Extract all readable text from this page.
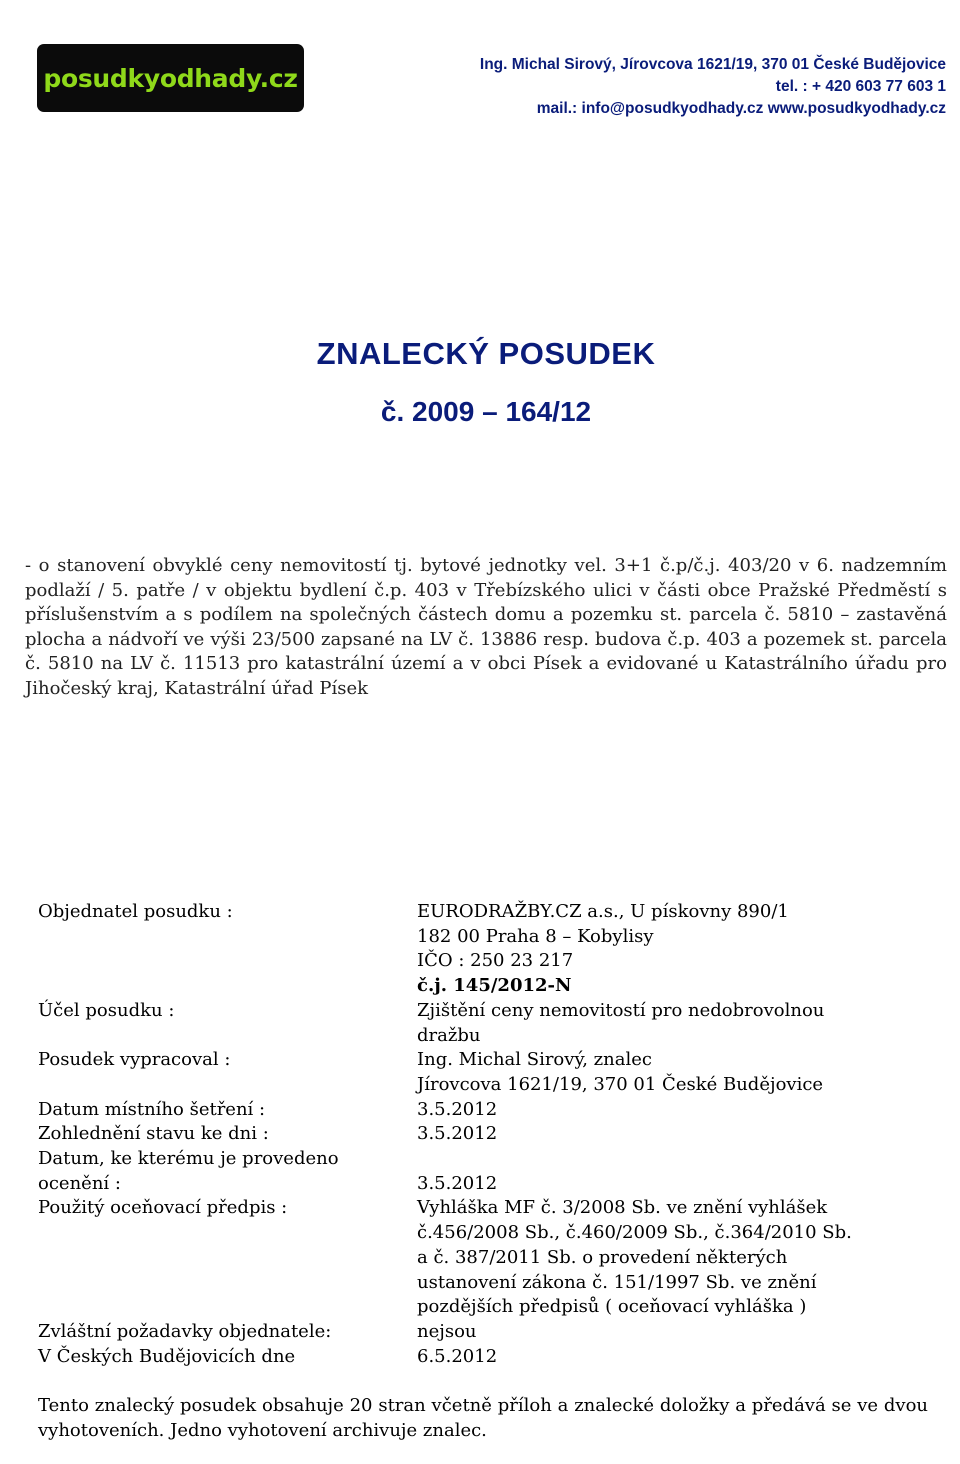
posudkyodhady.cz	Ing. Michal Sirový, Jírovcova 1621/19, 370 01 České Budějovice
tel. : + 420 603 77 603 1
mail.: info@posudkyodhady.cz www.posudkyodhady.cz
ZNALECKÝ POSUDEK
č. 2009 – 164/12
- o stanovení obvyklé ceny nemovitostí tj. bytové jednotky vel. 3+1 č.p/č.j. 403/20 v 6. nadzemním podlaží / 5. patře / v objektu bydlení č.p. 403 v Třebízského ulici v části obce Pražské Předměstí s příslušenstvím a s podílem na společných částech domu a pozemku st. parcela č. 5810 – zastavěná plocha a nádvoří ve výši 23/500 zapsané na LV č. 13886 resp. budova č.p. 403 a pozemek st. parcela č. 5810 na LV č. 11513 pro katastrální území a v obci Písek a evidované u Katastrálního úřadu pro Jihočeský kraj, Katastrální úřad Písek
Objednatel posudku :	EURODRAŽBY.CZ a.s., U pískovny 890/1
182 00 Praha 8 – Kobylisy
IČO : 250 23 217
č.j. 145/2012-N
Účel posudku :	Zjištění ceny nemovitostí pro nedobrovolnou
dražbu
Posudek vypracoval :	Ing. Michal Sirový, znalec
Jírovcova 1621/19, 370 01 České Budějovice
Datum místního šetření :	3.5.2012
Zohlednění stavu ke dni :	3.5.2012
Datum, ke kterému je provedeno
ocenění :	3.5.2012
Použitý oceňovací předpis :	Vyhláška MF č. 3/2008 Sb. ve znění vyhlášek
č.456/2008 Sb., č.460/2009 Sb., č.364/2010 Sb.
a č. 387/2011 Sb. o provedení některých
ustanovení zákona č. 151/1997 Sb. ve znění
pozdějších předpisů ( oceňovací vyhláška )
Zvláštní požadavky objednatele:	nejsou
V Českých Budějovicích dne	6.5.2012
Tento znalecký posudek obsahuje 20 stran včetně příloh a znalecké doložky a předává se ve dvou vyhotoveních. Jedno vyhotovení archivuje znalec.
